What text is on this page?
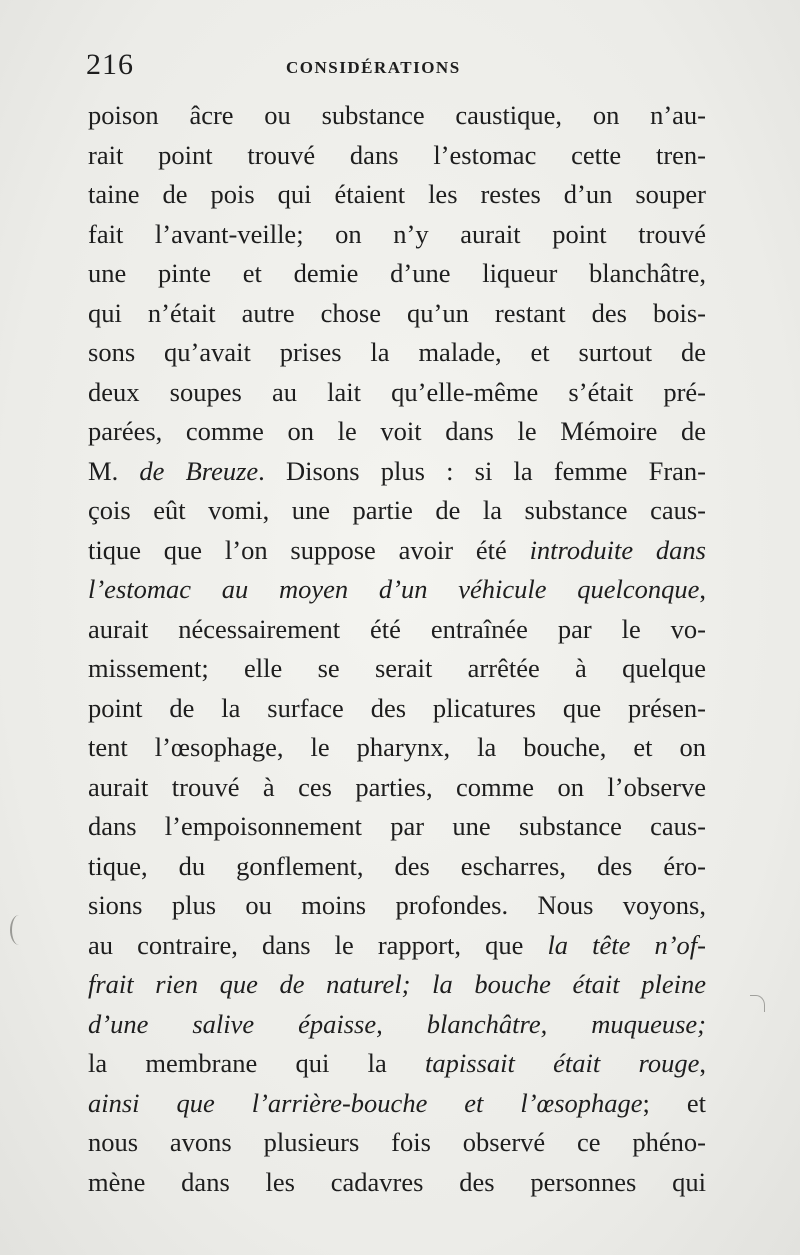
216	CONSIDÉRATIONS
poison âcre ou substance caustique, on n’au-
rait point trouvé dans l’estomac cette tren-
taine de pois qui étaient les restes d’un souper
fait l’avant-veille; on n’y aurait point trouvé
une pinte et demie d’une liqueur blanchâtre,
qui n’était autre chose qu’un restant des bois-
sons qu’avait prises la malade, et surtout de
deux soupes au lait qu’elle-même s’était pré-
parées, comme on le voit dans le Mémoire de
M. de Breuze. Disons plus : si la femme Fran-
çois eût vomi, une partie de la substance caus-
tique que l’on suppose avoir été introduite dans
l’estomac au moyen d’un véhicule quelconque,
aurait nécessairement été entraînée par le vo-
missement; elle se serait arrêtée à quelque
point de la surface des plicatures que présen-
tent l’œsophage, le pharynx, la bouche, et on
aurait trouvé à ces parties, comme on l’observe
dans l’empoisonnement par une substance caus-
tique, du gonflement, des escharres, des éro-
sions plus ou moins profondes. Nous voyons,
au contraire, dans le rapport, que la tête n’of-
frait rien que de naturel; la bouche était pleine
d’une salive épaisse, blanchâtre, muqueuse;
la membrane qui la tapissait était rouge,
ainsi que l’arrière-bouche et l’œsophage; et
nous avons plusieurs fois observé ce phéno-
mène dans les cadavres des personnes qui
